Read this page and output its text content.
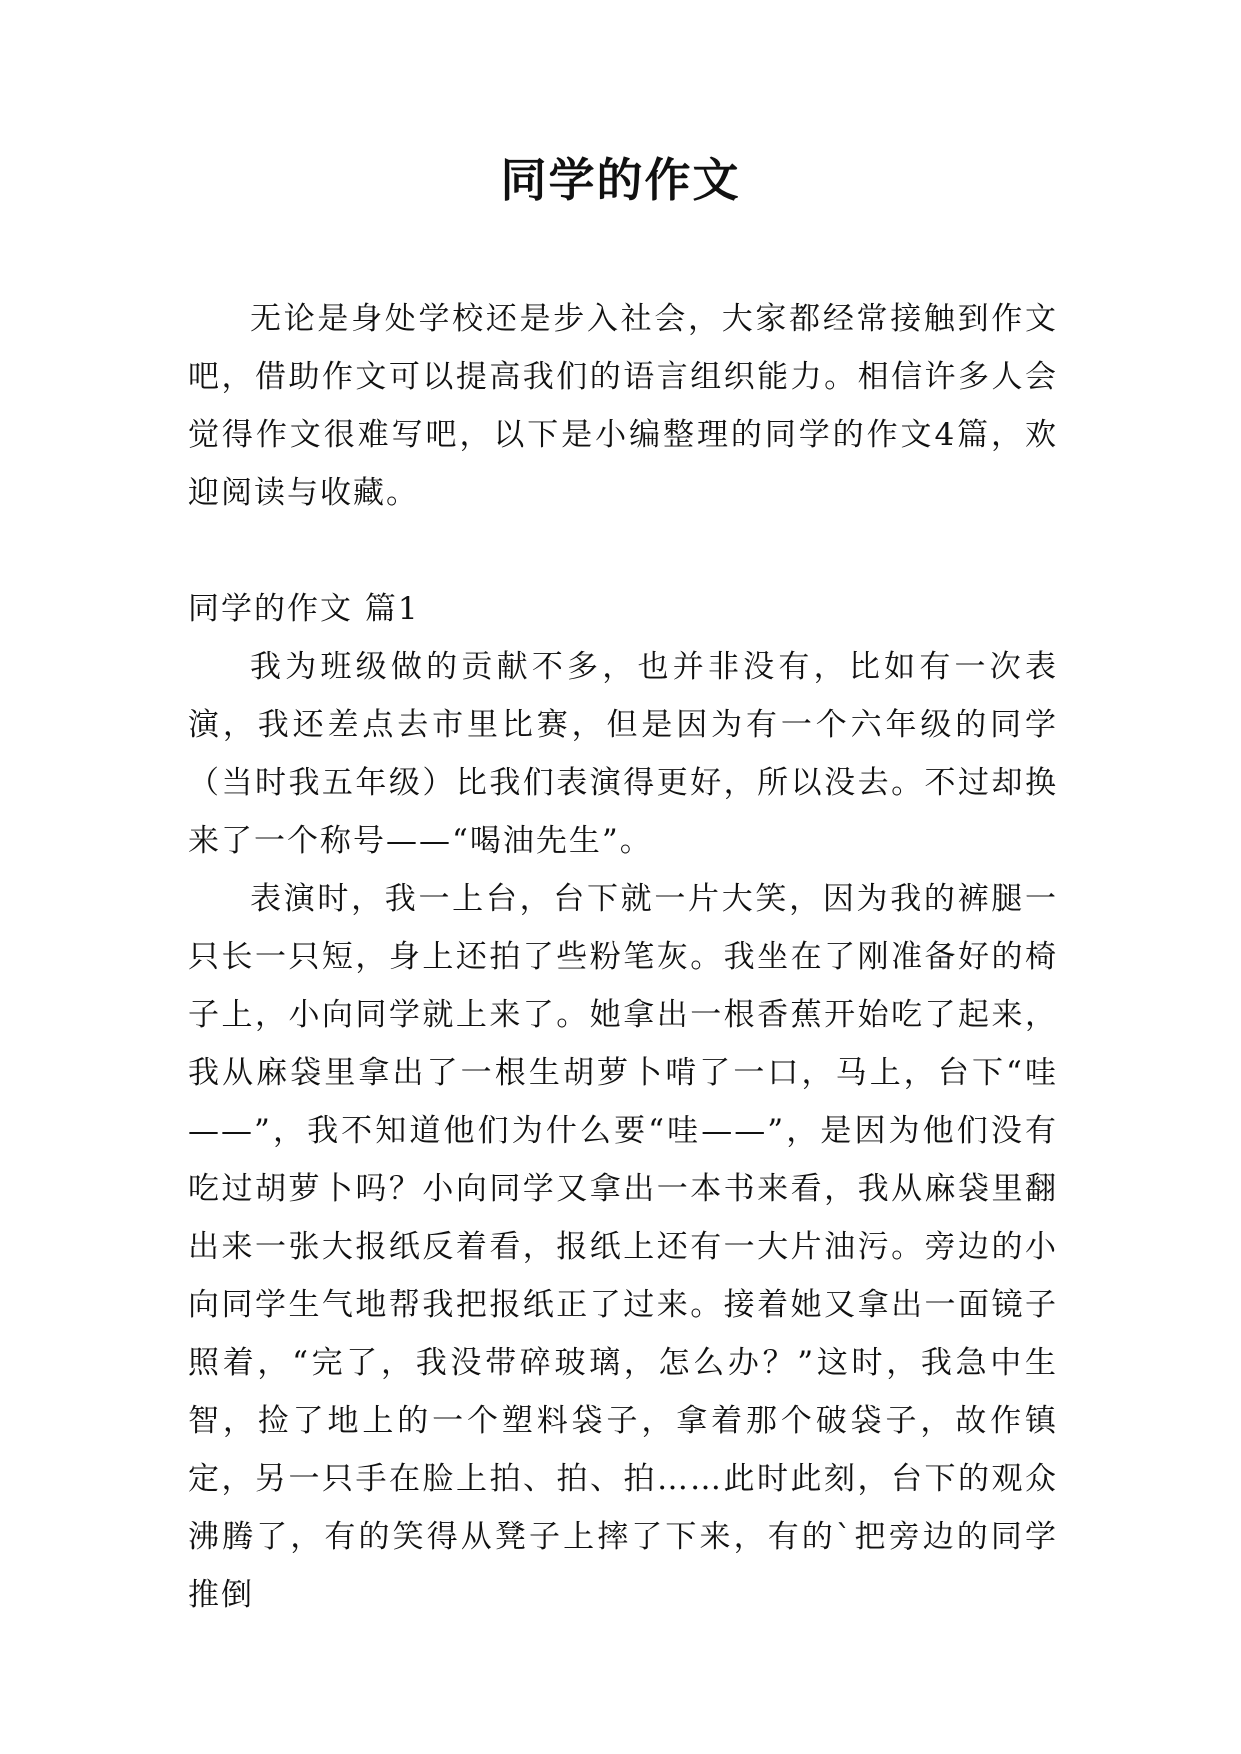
同学的作文

无论是身处学校还是步入社会，大家都经常接触到作文吧，借助作文可以提高我们的语言组织能力。相信许多人会觉得作文很难写吧，以下是小编整理的同学的作文4篇，欢迎阅读与收藏。

同学的作文 篇1

我为班级做的贡献不多，也并非没有，比如有一次表演，我还差点去市里比赛，但是因为有一个六年级的同学（当时我五年级）比我们表演得更好，所以没去。不过却换来了一个称号——“喝油先生”。

表演时，我一上台，台下就一片大笑，因为我的裤腿一只长一只短，身上还拍了些粉笔灰。我坐在了刚准备好的椅子上，小向同学就上来了。她拿出一根香蕉开始吃了起来，我从麻袋里拿出了一根生胡萝卜啃了一口，马上，台下“哇——”，我不知道他们为什么要“哇——”，是因为他们没有吃过胡萝卜吗？小向同学又拿出一本书来看，我从麻袋里翻出来一张大报纸反着看，报纸上还有一大片油污。旁边的小向同学生气地帮我把报纸正了过来。接着她又拿出一面镜子照着，“完了，我没带碎玻璃，怎么办？”这时，我急中生智，捡了地上的一个塑料袋子，拿着那个破袋子，故作镇定，另一只手在脸上拍、拍、拍……此时此刻，台下的观众沸腾了，有的笑得从凳子上摔了下来，有的`把旁边的同学推倒
